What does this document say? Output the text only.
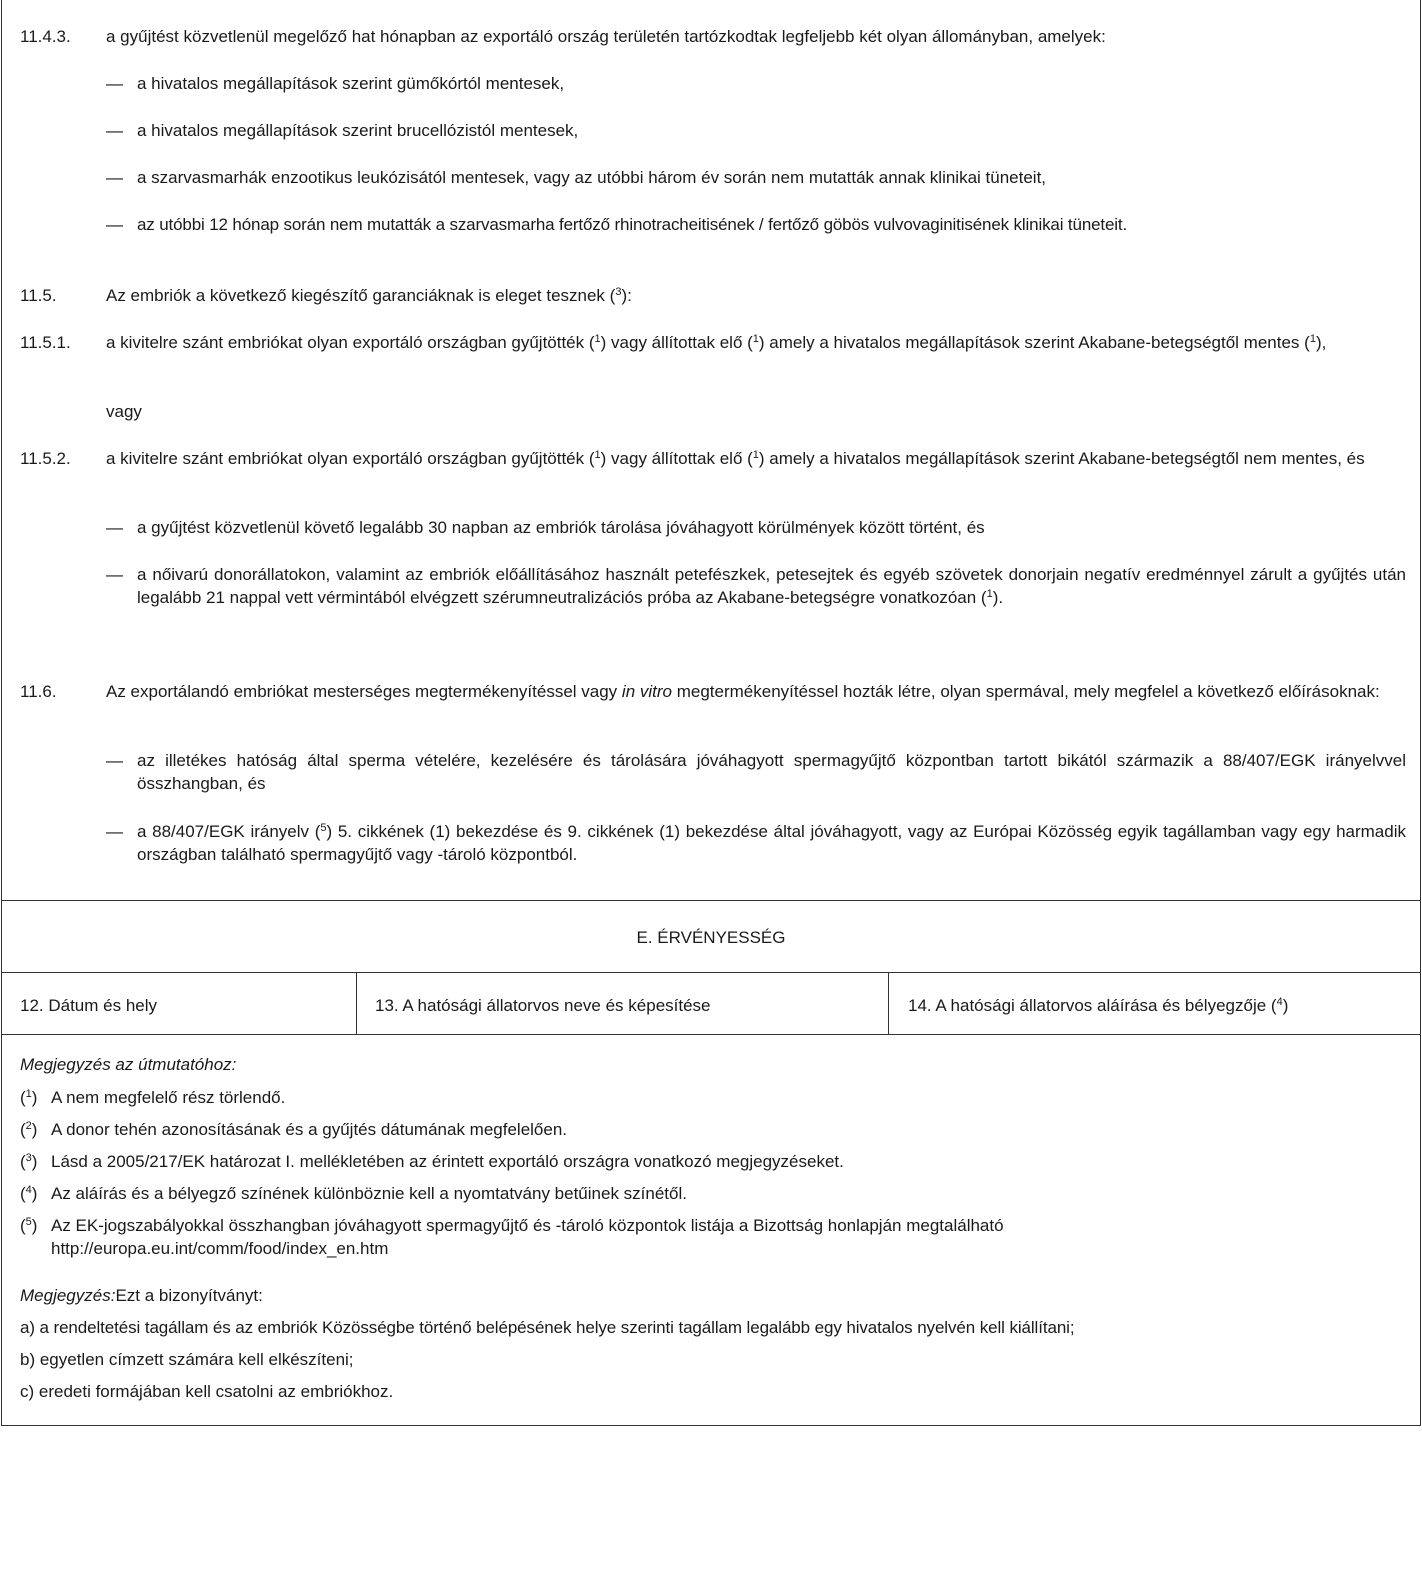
11.4.3. a gyűjtést közvetlenül megelőző hat hónapban az exportáló ország területén tartózkodtak legfeljebb két olyan állományban, amelyek:
— a hivatalos megállapítások szerint gümőkórtól mentesek,
— a hivatalos megállapítások szerint brucellózistól mentesek,
— a szarvasmarhák enzootikus leukózisától mentesek, vagy az utóbbi három év során nem mutatták annak klinikai tüneteit,
— az utóbbi 12 hónap során nem mutatták a szarvasmarha fertőző rhinotracheitisének / fertőző göbös vulvovaginitisének klinikai tüneteit.
11.5.	Az embriók a következő kiegészítő garanciáknak is eleget tesznek ($^3$):
11.5.1. a kivitelre szánt embriókat olyan exportáló országban gyűjtötték ($^1$) vagy állítottak elő ($^1$) amely a hivatalos megállapítások szerint Akabane-betegségtől mentes ($^1$),
vagy
11.5.2. a kivitelre szánt embriókat olyan exportáló országban gyűjtötték ($^1$) vagy állítottak elő ($^1$) amely a hivatalos megállapítások szerint Akabane-betegségtől nem mentes, és
— a gyűjtést közvetlenül követő legalább 30 napban az embriók tárolása jóváhagyott körülmények között történt, és
— a nőivarú donorállatokon, valamint az embriók előállításához használt petefészkek, petesejtek és egyéb szövetek donorjain negatív eredménnyel zárult a gyűjtés után legalább 21 nappal vett vérmintából elvégzett szérumneutralizációs próba az Akabane-betegségre vonatkozóan ($^1$).
11.6.	Az exportálandó embriókat mesterséges megtermékenyítéssel vagy in vitro megtermékenyítéssel hozták létre, olyan spermával, mely megfelel a következő előírásoknak:
— az illetékes hatóság által sperma vételére, kezelésére és tárolására jóváhagyott spermagyűjtő központban tartott bikától származik a 88/407/EGK irányelvvel összhangban, és
— a 88/407/EGK irányelv ($^5$) 5. cikkének (1) bekezdése és 9. cikkének (1) bekezdése által jóváhagyott, vagy az Európai Közösség egyik tagállamban vagy egy harmadik országban található spermagyűjtő vagy -tároló központból.
E. ÉRVÉNYESSÉG
12. Dátum és hely	13. A hatósági állatorvos neve és képesítése	14. A hatósági állatorvos aláírása és bélyegzője ($^4$)
Megjegyzés az útmutatóhoz:
($^1$) A nem megfelelő rész törlendő.
($^2$) A donor tehén azonosításának és a gyűjtés dátumának megfelelően.
($^3$) Lásd a 2005/217/EK határozat I. mellékletében az érintett exportáló országra vonatkozó megjegyzéseket.
($^4$) Az aláírás és a bélyegző színének különböznie kell a nyomtatvány betűinek színétől.
($^5$) Az EK-jogszabályokkal összhangban jóváhagyott spermagyűjtő és -tároló központok listája a Bizottság honlapján megtalálható http://europa.eu.int/comm/food/index_en.htm
Megjegyzés:Ezt a bizonyítványt:
a) a rendeltetési tagállam és az embriók Közösségbe történő belépésének helye szerinti tagállam legalább egy hivatalos nyelvén kell kiállítani;
b) egyetlen címzett számára kell elkészíteni;
c) eredeti formájában kell csatolni az embriókhoz.
